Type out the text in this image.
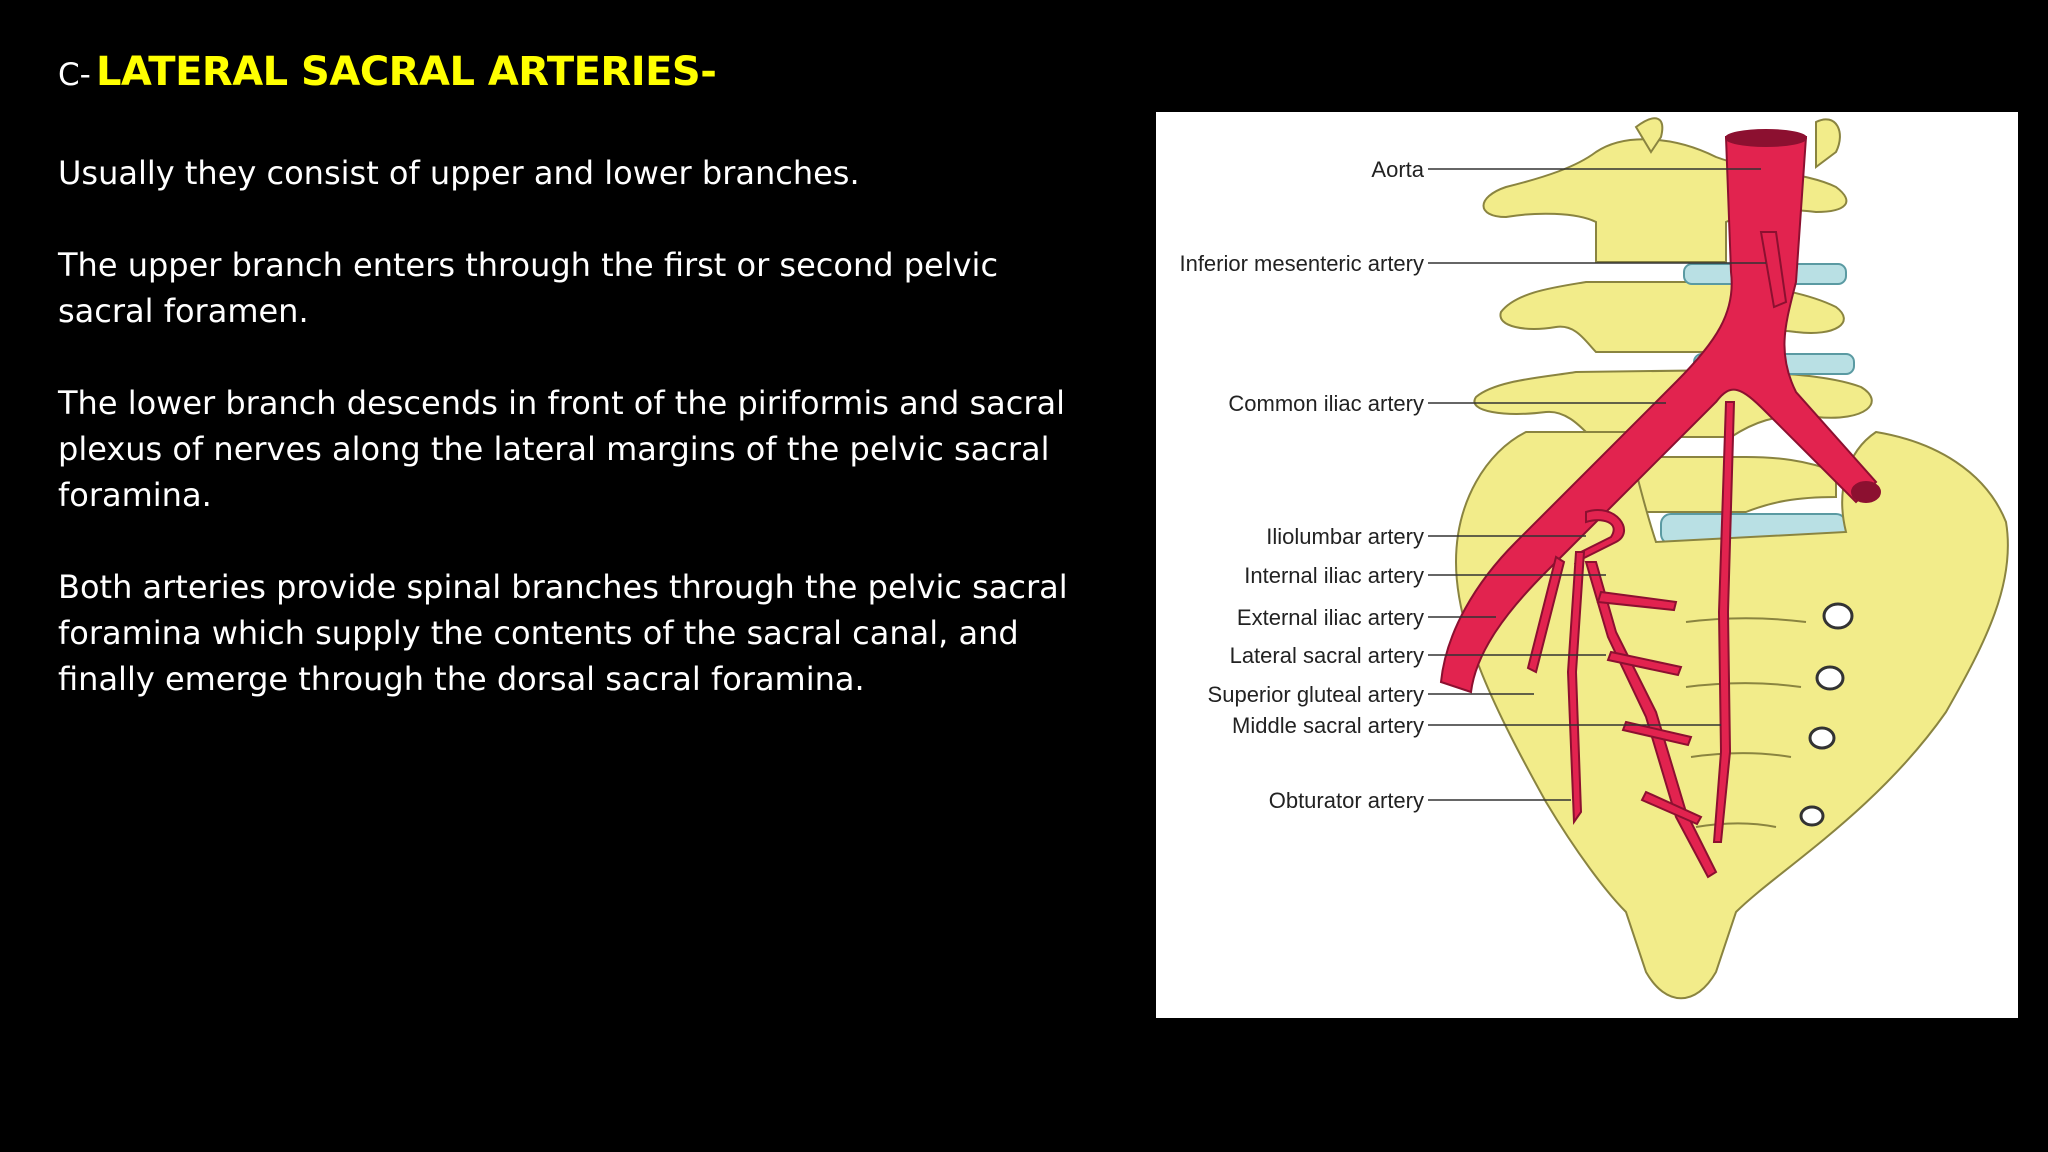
C- LATERAL SACRAL ARTERIES-

Usually they consist of upper and lower branches.

The upper branch enters through the first or second pelvic sacral foramen.

The lower branch descends in front of the piriformis and sacral plexus of nerves along the lateral margins of the pelvic sacral foramina.

Both arteries provide spinal branches through the pelvic sacral foramina which supply the contents of the sacral canal, and finally emerge through the dorsal sacral foramina.

Aorta
Inferior mesenteric artery
Common iliac artery
Iliolumbar artery
Internal iliac artery
External iliac artery
Lateral sacral artery
Superior gluteal artery
Middle sacral artery
Obturator artery
